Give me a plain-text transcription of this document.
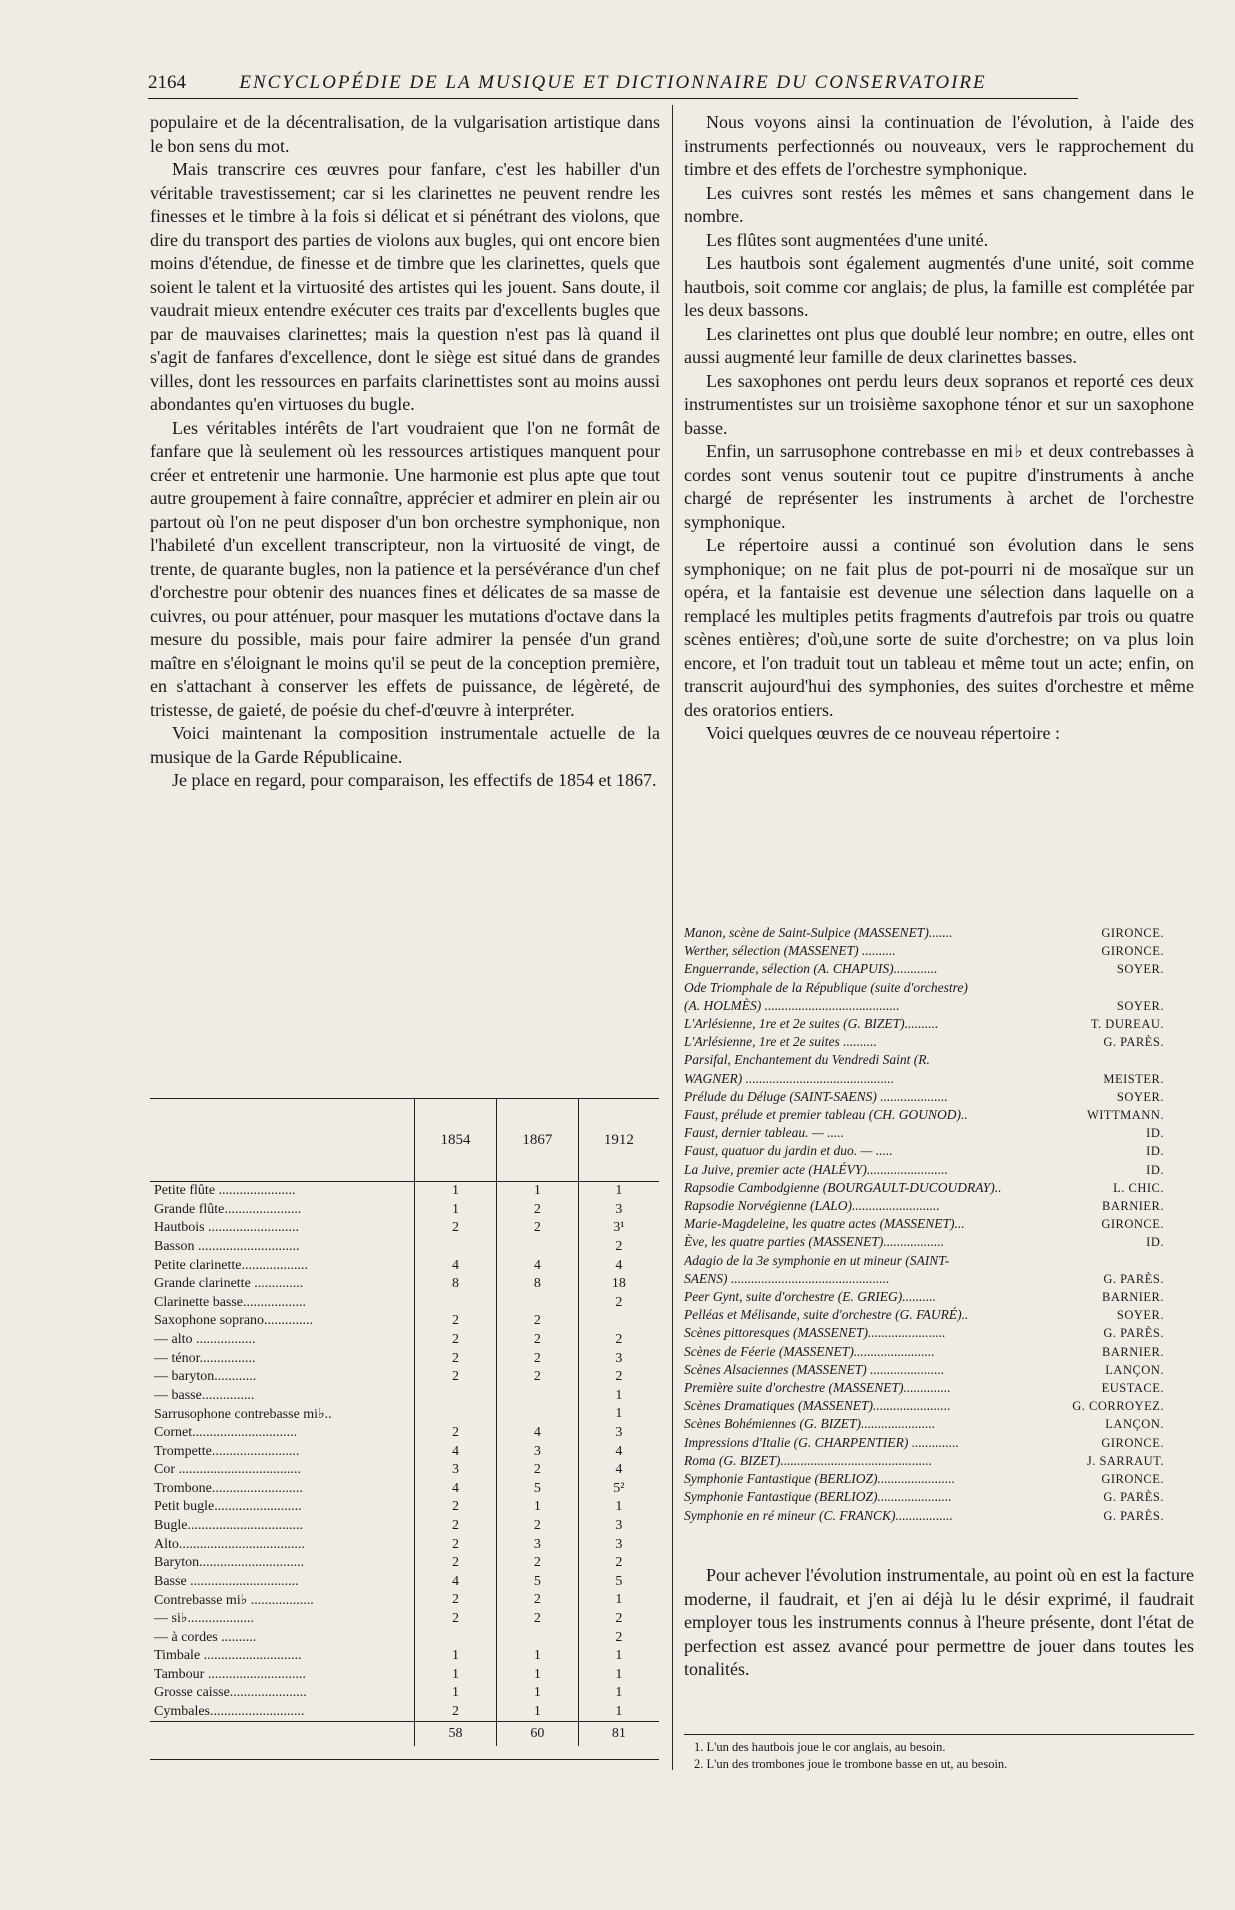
2164	ENCYCLOPÉDIE DE LA MUSIQUE ET DICTIONNAIRE DU CONSERVATOIRE

populaire et de la décentralisation, de la vulgarisation artistique dans le bon sens du mot.

Mais transcrire ces œuvres pour fanfare, c'est les habiller d'un véritable travestissement; car si les clarinettes ne peuvent rendre les finesses et le timbre à la fois si délicat et si pénétrant des violons, que dire du transport des parties de violons aux bugles, qui ont encore bien moins d'étendue, de finesse et de timbre que les clarinettes, quels que soient le talent et la virtuosité des artistes qui les jouent. Sans doute, il vaudrait mieux entendre exécuter ces traits par d'excellents bugles que par de mauvaises clarinettes; mais la question n'est pas là quand il s'agit de fanfares d'excellence, dont le siège est situé dans de grandes villes, dont les ressources en parfaits clarinettistes sont au moins aussi abondantes qu'en virtuoses du bugle.

Les véritables intérêts de l'art voudraient que l'on ne formât de fanfare que là seulement où les ressources artistiques manquent pour créer et entretenir une harmonie. Une harmonie est plus apte que tout autre groupement à faire connaître, apprécier et admirer en plein air ou partout où l'on ne peut disposer d'un bon orchestre symphonique, non l'habileté d'un excellent transcripteur, non la virtuosité de vingt, de trente, de quarante bugles, non la patience et la persévérance d'un chef d'orchestre pour obtenir des nuances fines et délicates de sa masse de cuivres, ou pour atténuer, pour masquer les mutations d'octave dans la mesure du possible, mais pour faire admirer la pensée d'un grand maître en s'éloignant le moins qu'il se peut de la conception première, en s'attachant à conserver les effets de puissance, de légèreté, de tristesse, de gaieté, de poésie du chef-d'œuvre à interpréter.

Voici maintenant la composition instrumentale actuelle de la musique de la Garde Républicaine.

Je place en regard, pour comparaison, les effectifs de 1854 et 1867.

Nous voyons ainsi la continuation de l'évolution, à l'aide des instruments perfectionnés ou nouveaux, vers le rapprochement du timbre et des effets de l'orchestre symphonique.

Les cuivres sont restés les mêmes et sans changement dans le nombre.

Les flûtes sont augmentées d'une unité.

Les hautbois sont également augmentés d'une unité, soit comme hautbois, soit comme cor anglais; de plus, la famille est complétée par les deux bassons.

Les clarinettes ont plus que doublé leur nombre; en outre, elles ont aussi augmenté leur famille de deux clarinettes basses.

Les saxophones ont perdu leurs deux sopranos et reporté ces deux instrumentistes sur un troisième saxophone ténor et sur un saxophone basse.

Enfin, un sarrusophone contrebasse en mi♭ et deux contrebasses à cordes sont venus soutenir tout ce pupitre d'instruments à anche chargé de représenter les instruments à archet de l'orchestre symphonique.

Le répertoire aussi a continué son évolution dans le sens symphonique; on ne fait plus de pot-pourri ni de mosaïque sur un opéra, et la fantaisie est devenue une sélection dans laquelle on a remplacé les multiples petits fragments d'autrefois par trois ou quatre scènes entières; d'où,une sorte de suite d'orchestre; on va plus loin encore, et l'on traduit tout un tableau et même tout un acte; enfin, on transcrit aujourd'hui des symphonies, des suites d'orchestre et même des oratorios entiers.

Voici quelques œuvres de ce nouveau répertoire :

	1854	1867	1912
Petite flûte ......................	1	1	1
Grande flûte......................	1	2	3
Hautbois ..........................	2	2	3¹
Basson .............................			2
Petite clarinette...................	4	4	4
Grande clarinette ..............	8	8	18
Clarinette basse..................			2
Saxophone soprano..............	2	2	
— alto .................	2	2	2
— ténor................	2	2	3
— baryton............	2	2	2
— basse...............			1
Sarrusophone contrebasse mi♭..			1
Cornet..............................	2	4	3
Trompette.........................	4	3	4
Cor ...................................	3	2	4
Trombone..........................	4	5	5²
Petit bugle.........................	2	1	1
Bugle.................................	2	2	3
Alto....................................	2	3	3
Baryton..............................	2	2	2
Basse ...............................	4	5	5
Contrebasse mi♭ ..................	2	2	1
— si♭...................	2	2	2
— à cordes ..........			2
Timbale ............................	1	1	1
Tambour ............................	1	1	1
Grosse caisse......................	1	1	1
Cymbales...........................	2	1	1
	58	60	81
Manon, scène de Saint-Sulpice (MASSENET).......	GIRONCE.
Werther, sélection (MASSENET) ..........	GIRONCE.
Enguerrande, sélection (A. CHAPUIS).............	SOYER.
Ode Triomphale de la République (suite d'orchestre)
(A. HOLMÈS) ........................................	SOYER.
L'Arlésienne, 1re et 2e suites (G. BIZET)..........	T. DUREAU.
L'Arlésienne, 1re et 2e suites ..........	G. PARÈS.
Parsifal, Enchantement du Vendredi Saint (R.
WAGNER) ............................................	MEISTER.
Prélude du Déluge (SAINT-SAENS) ....................	SOYER.
Faust, prélude et premier tableau (CH. GOUNOD)..	WITTMANN.
Faust, dernier tableau. — .....	ID.
Faust, quatuor du jardin et duo. — .....	ID.
La Juive, premier acte (HALÉVY)........................	ID.
Rapsodie Cambodgienne (BOURGAULT-DUCOUDRAY)..	L. CHIC.
Rapsodie Norvégienne (LALO)..........................	BARNIER.
Marie-Magdeleine, les quatre actes (MASSENET)...	GIRONCE.
Ève, les quatre parties (MASSENET)..................	ID.
Adagio de la 3e symphonie en ut mineur (SAINT-
SAENS) ...............................................	G. PARÈS.
Peer Gynt, suite d'orchestre (E. GRIEG)..........	BARNIER.
Pelléas et Mélisande, suite d'orchestre (G. FAURÉ)..	SOYER.
Scènes pittoresques (MASSENET).......................	G. PARÈS.
Scènes de Féerie (MASSENET)........................	BARNIER.
Scènes Alsaciennes (MASSENET) ......................	LANÇON.
Première suite d'orchestre (MASSENET)..............	EUSTACE.
Scènes Dramatiques (MASSENET).......................	G. CORROYEZ.
Scènes Bohémiennes (G. BIZET)......................	LANÇON.
Impressions d'Italie (G. CHARPENTIER) ..............	GIRONCE.
Roma (G. BIZET).............................................	J. SARRAUT.
Symphonie Fantastique (BERLIOZ).......................	GIRONCE.
Symphonie Fantastique (BERLIOZ)......................	G. PARÈS.
Symphonie en ré mineur (C. FRANCK).................	G. PARÈS.

Pour achever l'évolution instrumentale, au point où en est la facture moderne, il faudrait, et j'en ai déjà lu le désir exprimé, il faudrait employer tous les instruments connus à l'heure présente, dont l'état de perfection est assez avancé pour permettre de jouer dans toutes les tonalités.

1. L'un des hautbois joue le cor anglais, au besoin.
2. L'un des trombones joue le trombone basse en ut, au besoin.
